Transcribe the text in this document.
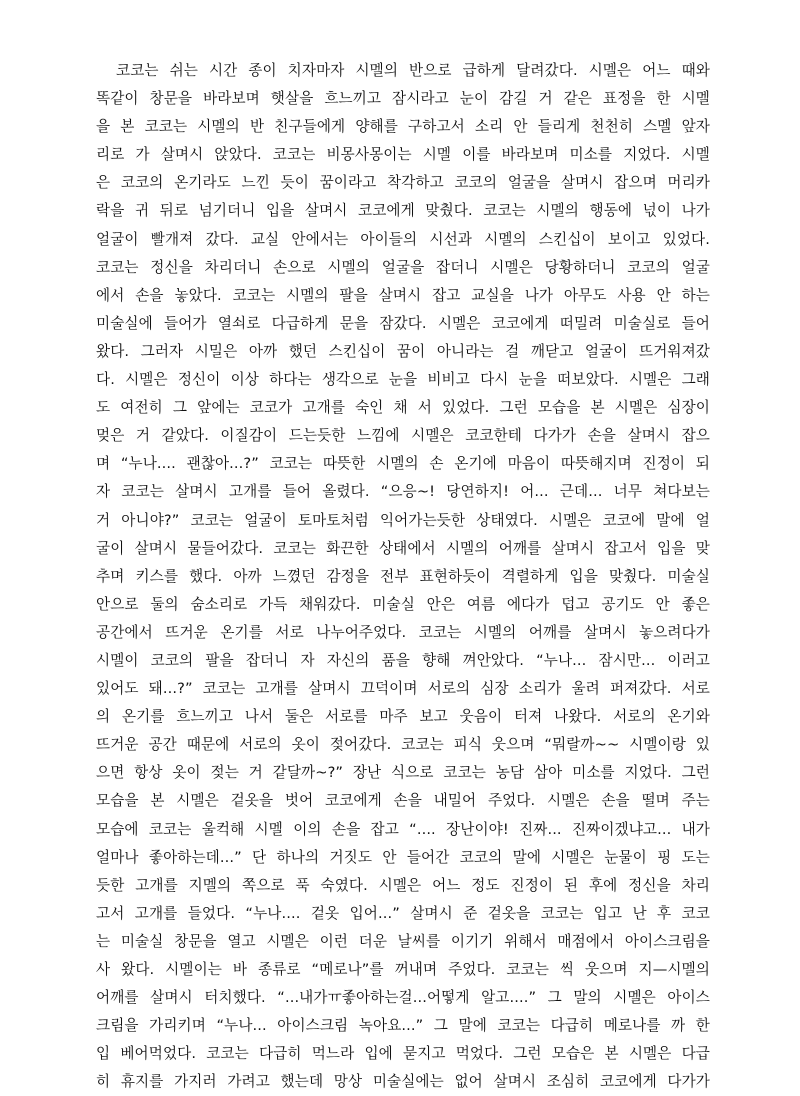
코코는 쉬는 시간 종이 치자마자 시멜의 반으로 급하게 달려갔다. 시멜은 어느 때와
똑같이 창문을 바라보며 햇살을 흐느끼고 잠시라고 눈이 감길 거 같은 표정을 한 시멜
을 본 코코는 시멜의 반 친구들에게 양해를 구하고서 소리 안 들리게 천천히 스멜 앞자
리로 가 살며시 앉았다. 코코는 비몽사몽이는 시멜 이를 바라보며 미소를 지었다. 시멜
은 코코의 온기라도 느낀 듯이 꿈이라고 착각하고 코코의 얼굴을 살며시 잡으며 머리카
락을 귀 뒤로 넘기더니 입을 살며시 코코에게 맞췄다. 코코는 시멜의 행동에 넋이 나가
얼굴이 빨개져 갔다. 교실 안에서는 아이들의 시선과 시멜의 스킨십이 보이고 있었다.
코코는 정신을 차리더니 손으로 시멜의 얼굴을 잡더니 시멜은 당황하더니 코코의 얼굴
에서 손을 놓았다. 코코는 시멜의 팔을 살며시 잡고 교실을 나가 아무도 사용 안 하는
미술실에 들어가 열쇠로 다급하게 문을 잠갔다. 시멜은 코코에게 떠밀려 미술실로 들어
왔다. 그러자 시밀은 아까 했던 스킨십이 꿈이 아니라는 걸 깨닫고 얼굴이 뜨거워져갔
다. 시멜은 정신이 이상 하다는 생각으로 눈을 비비고 다시 눈을 떠보았다. 시멜은 그래
도 여전히 그 앞에는 코코가 고개를 숙인 채 서 있었다. 그런 모습을 본 시멜은 심장이
멎은 거 같았다. 이질감이 드는듯한 느낌에 시멜은 코코한테 다가가 손을 살며시 잡으
며 “누나.... 괜찮아...?” 코코는 따뜻한 시멜의 손 온기에 마음이 따뜻해지며 진정이 되
자 코코는 살며시 고개를 들어 올렸다. “으응~! 당연하지! 어... 근데... 너무 쳐다보는
거 아니야?” 코코는 얼굴이 토마토처럼 익어가는듯한 상태였다. 시멜은 코코에 말에 얼
굴이 살며시 물들어갔다. 코코는 화끈한 상태에서 시멜의 어깨를 살며시 잡고서 입을 맞
추며 키스를 했다. 아까 느꼈던 감정을 전부 표현하듯이 격렬하게 입을 맞췄다. 미술실
안으로 둘의 숨소리로 가득 채워갔다. 미술실 안은 여름 에다가 덥고 공기도 안 좋은
공간에서 뜨거운 온기를 서로 나누어주었다. 코코는 시멜의 어깨를 살며시 놓으려다가
시멜이 코코의 팔을 잡더니 자 자신의 품을 향해 껴안았다. “누나... 잠시만... 이러고
있어도 돼...?” 코코는 고개를 살며시 끄덕이며 서로의 심장 소리가 울려 퍼져갔다. 서로
의 온기를 흐느끼고 나서 둘은 서로를 마주 보고 웃음이 터져 나왔다. 서로의 온기와
뜨거운 공간 때문에 서로의 옷이 젖어갔다. 코코는 피식 웃으며 “뭐랄까~~ 시멜이랑 있
으면 항상 옷이 젖는 거 같달까~?” 장난 식으로 코코는 농담 삼아 미소를 지었다. 그런
모습을 본 시멜은 겉옷을 벗어 코코에게 손을 내밀어 주었다. 시멜은 손을 떨며 주는
모습에 코코는 울컥해 시멜 이의 손을 잡고 “.... 장난이야! 진짜... 진짜이겠냐고... 내가
얼마나 좋아하는데...” 단 하나의 거짓도 안 들어간 코코의 말에 시멜은 눈물이 핑 도는
듯한 고개를 지멜의 쪽으로 푹 숙였다. 시멜은 어느 정도 진정이 된 후에 정신을 차리
고서 고개를 들었다. “누나.... 겉옷 입어...” 살며시 준 겉옷을 코코는 입고 난 후 코코
는 미술실 창문을 열고 시멜은 이런 더운 날씨를 이기기 위해서 매점에서 아이스크림을
사 왔다. 시멜이는 바 종류로 “메로나”를 꺼내며 주었다. 코코는 씩 웃으며 지—시멜의
어깨를 살며시 터치했다. “...내가ㅠ좋아하는걸...어떻게 알고....” 그 말의 시멜은 아이스
크림을 가리키며 “누나... 아이스크림 녹아요...” 그 말에 코코는 다급히 메로나를 까 한
입 베어먹었다. 코코는 다급히 먹느라 입에 묻지고 먹었다. 그런 모습은 본 시멜은 다급
히 휴지를 가지러 가려고 했는데 망상 미술실에는 없어 살며시 조심히 코코에게 다가가
